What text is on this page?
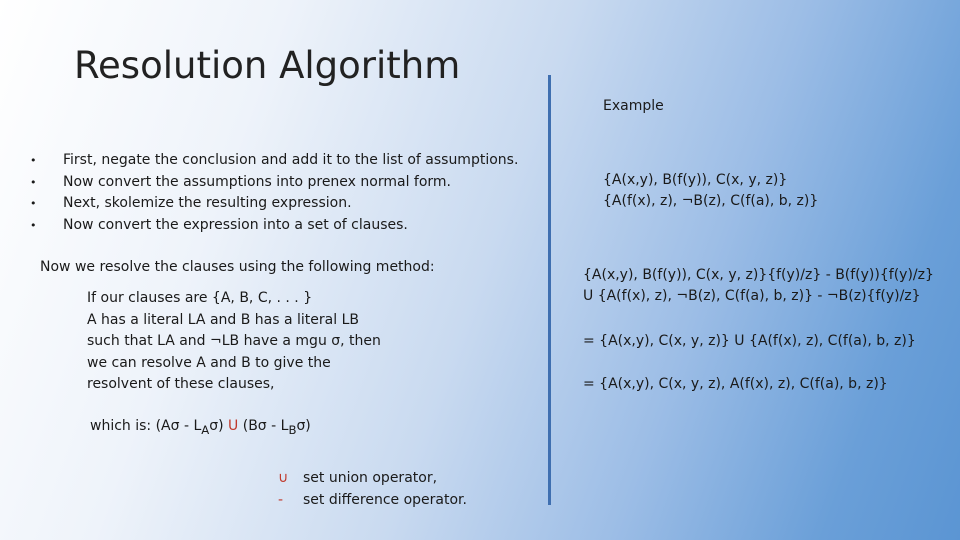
Resolution Algorithm
Example
• First, negate the conclusion and add it to the list of assumptions.
• Now convert the assumptions into prenex normal form.
• Next, skolemize the resulting expression.
• Now convert the expression into a set of clauses.
Now we resolve the clauses using the following method:
If our clauses are {A, B, C, . . . }
A has a literal LA and B has a literal LB
such that LA and ¬LB have a mgu σ, then
we can resolve A and B to give the
resolvent of these clauses,
which is: $(A\sigma - L_A\sigma)$ U $(B\sigma - L_B\sigma)$
∪ set union operator,
- set difference operator.
{A(x,y), B(f(y)), C(x, y, z)}
{A(f(x), z), ¬B(z), C(f(a), b, z)}
{A(x,y), B(f(y)), C(x, y, z)}{f(y)/z} - B(f(y)){f(y)/z}
U {A(f(x), z), ¬B(z), C(f(a), b, z)} - ¬B(z){f(y)/z}
= {A(x,y), C(x, y, z)} U {A(f(x), z), C(f(a), b, z)}
= {A(x,y), C(x, y, z), A(f(x), z), C(f(a), b, z)}
